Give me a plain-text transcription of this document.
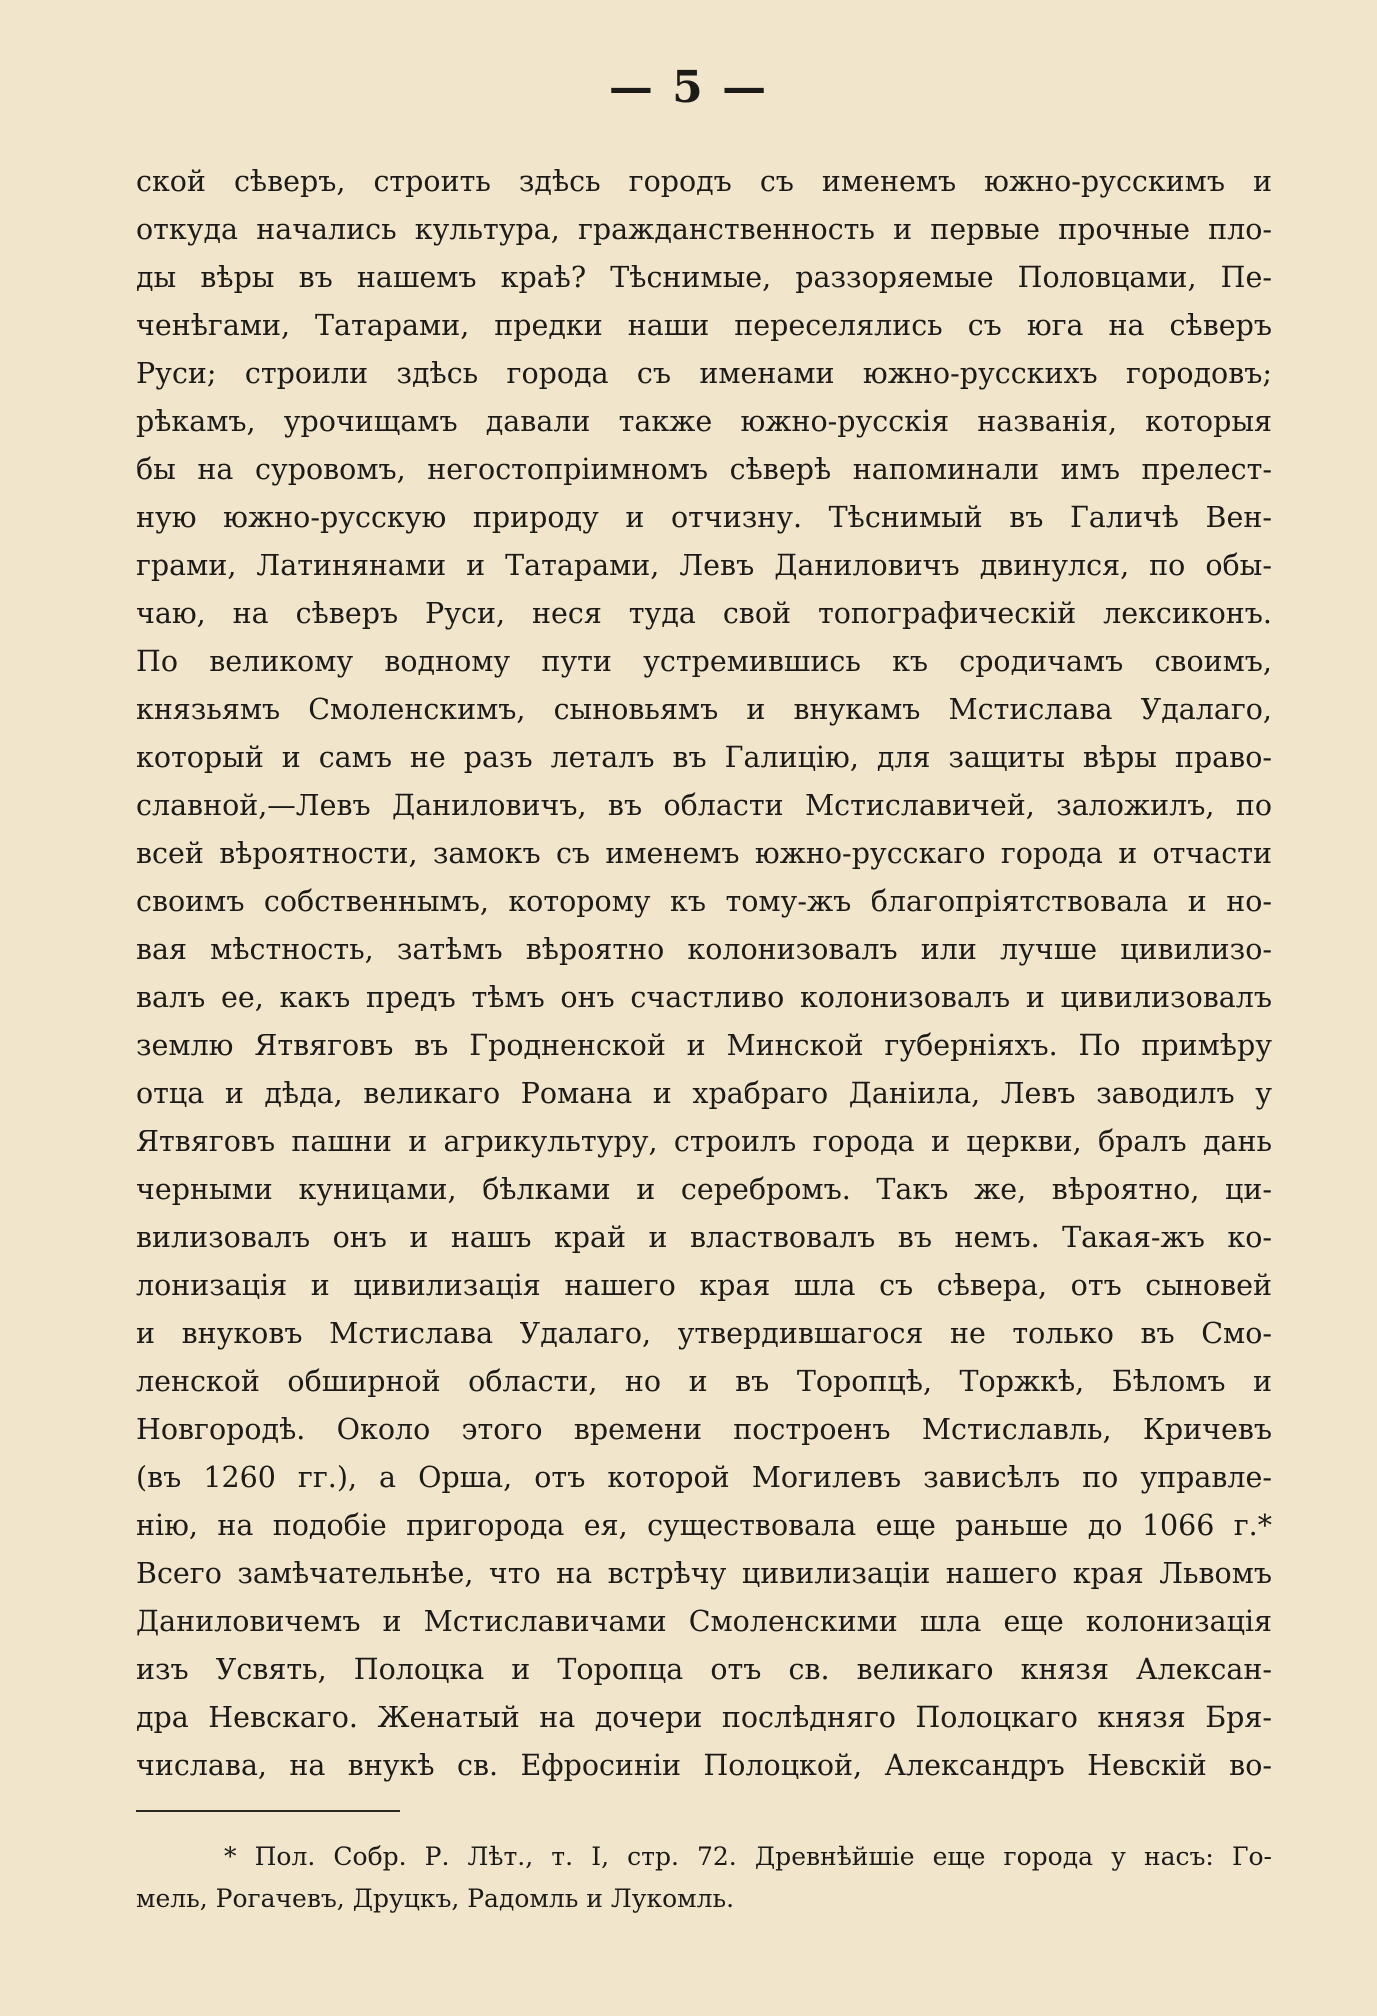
— 5 —
ской сѣверъ, строить здѣсь городъ съ именемъ южно-русскимъ и
откуда начались культура, гражданственность и первые прочные пло-
ды вѣры въ нашемъ краѣ? Тѣснимые, раззоряемые Половцами, Пе-
ченѣгами, Татарами, предки наши переселялись съ юга на сѣверъ
Руси; строили здѣсь города съ именами южно-русскихъ городовъ;
рѣкамъ, урочищамъ давали также южно-русскія названія, которыя
бы на суровомъ, негостопріимномъ сѣверѣ напоминали имъ прелест-
ную южно-русскую природу и отчизну. Тѣснимый въ Галичѣ Вен-
грами, Латинянами и Татарами, Левъ Даниловичъ двинулся, по обы-
чаю, на сѣверъ Руси, неся туда свой топографическій лексиконъ.
По великому водному пути устремившись къ сродичамъ своимъ,
князьямъ Смоленскимъ, сыновьямъ и внукамъ Мстислава Удалаго,
который и самъ не разъ леталъ въ Галицію, для защиты вѣры право-
славной,—Левъ Даниловичъ, въ области Мстиславичей, заложилъ, по
всей вѣроятности, замокъ съ именемъ южно-русскаго города и отчасти
своимъ собственнымъ, которому къ тому-жъ благопріятствовала и но-
вая мѣстность, затѣмъ вѣроятно колонизовалъ или лучше цивилизо-
валъ ее, какъ предъ тѣмъ онъ счастливо колонизовалъ и цивилизовалъ
землю Ятвяговъ въ Гродненской и Минской губерніяхъ. По примѣру
отца и дѣда, великаго Романа и храбраго Даніила, Левъ заводилъ у
Ятвяговъ пашни и агрикультуру, строилъ города и церкви, бралъ дань
черными куницами, бѣлками и серебромъ. Такъ же, вѣроятно, ци-
вилизовалъ онъ и нашъ край и властвовалъ въ немъ. Такая-жъ ко-
лонизація и цивилизація нашего края шла съ сѣвера, отъ сыновей
и внуковъ Мстислава Удалаго, утвердившагося не только въ Смо-
ленской обширной области, но и въ Торопцѣ, Торжкѣ, Бѣломъ и
Новгородѣ. Около этого времени построенъ Мстиславль, Кричевъ
(въ 1260 гг.), а Орша, отъ которой Могилевъ зависѣлъ по управле-
нію, на подобіе пригорода ея, существовала еще раньше до 1066 г.*
Всего замѣчательнѣе, что на встрѣчу цивилизаціи нашего края Львомъ
Даниловичемъ и Мстиславичами Смоленскими шла еще колонизація
изъ Усвять, Полоцка и Торопца отъ св. великаго князя Алексан-
дра Невскаго. Женатый на дочери послѣдняго Полоцкаго князя Бря-
числава, на внукѣ св. Ефросиніи Полоцкой, Александръ Невскій во-
* Пол. Собр. Р. Лѣт., т. I, стр. 72. Древнѣйшіе еще города у насъ: Го-
мель, Рогачевъ, Друцкъ, Радомль и Лукомль.
